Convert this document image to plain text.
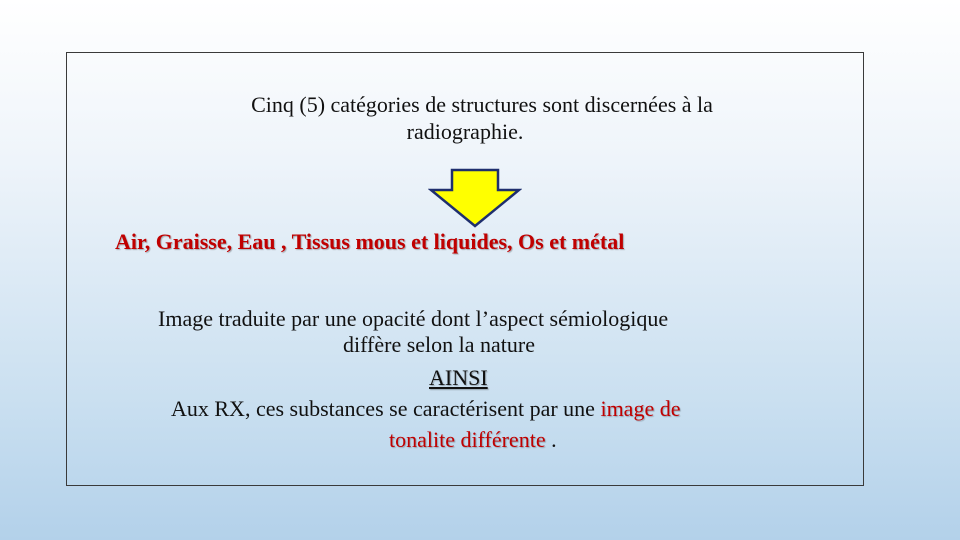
Cinq (5) catégories de structures sont discernées à la
radiographie.
Air, Graisse, Eau , Tissus mous et liquides, Os et métal
Image traduite par une opacité dont l’aspect sémiologique
diffère selon la nature
AINSI
Aux RX, ces substances se caractérisent par une image de
tonalite différente .
